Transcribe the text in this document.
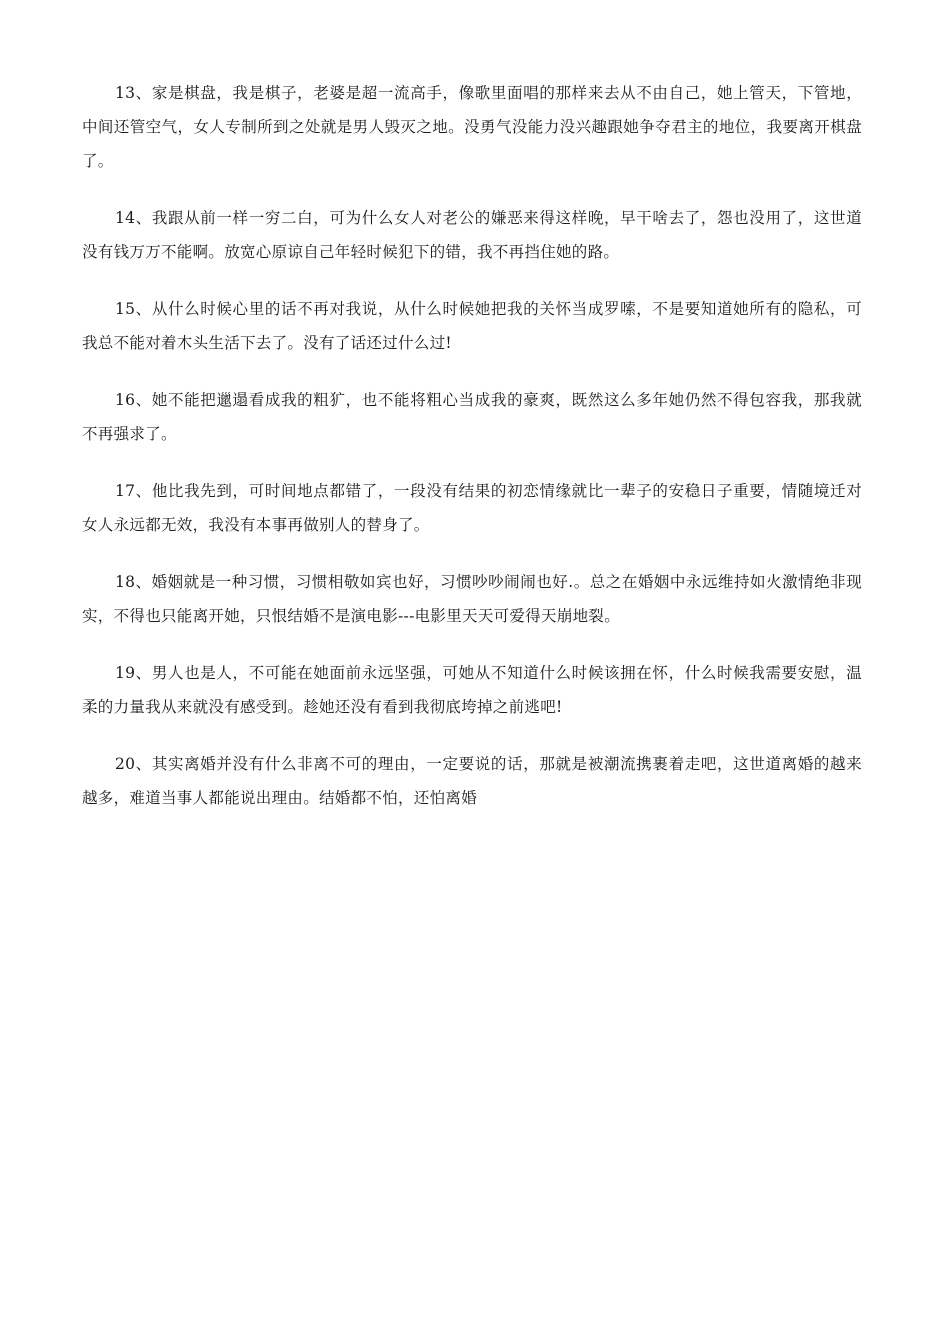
13、家是棋盘，我是棋子，老婆是超一流高手，像歌里面唱的那样来去从不由自己，她上管天，下管地，中间还管空气，女人专制所到之处就是男人毁灭之地。没勇气没能力没兴趣跟她争夺君主的地位，我要离开棋盘了。

14、我跟从前一样一穷二白，可为什么女人对老公的嫌恶来得这样晚，早干啥去了，怨也没用了，这世道没有钱万万不能啊。放宽心原谅自己年轻时候犯下的错，我不再挡住她的路。

15、从什么时候心里的话不再对我说，从什么时候她把我的关怀当成罗嗦，不是要知道她所有的隐私，可我总不能对着木头生活下去了。没有了话还过什么过!

16、她不能把邋遢看成我的粗犷，也不能将粗心当成我的豪爽，既然这么多年她仍然不得包容我，那我就不再强求了。

17、他比我先到，可时间地点都错了，一段没有结果的初恋情缘就比一辈子的安稳日子重要，情随境迁对女人永远都无效，我没有本事再做别人的替身了。

18、婚姻就是一种习惯，习惯相敬如宾也好，习惯吵吵闹闹也好.。总之在婚姻中永远维持如火激情绝非现实，不得也只能离开她，只恨结婚不是演电影---电影里天天可爱得天崩地裂。

19、男人也是人，不可能在她面前永远坚强，可她从不知道什么时候该拥在怀，什么时候我需要安慰，温柔的力量我从来就没有感受到。趁她还没有看到我彻底垮掉之前逃吧!

20、其实离婚并没有什么非离不可的理由，一定要说的话，那就是被潮流携裹着走吧，这世道离婚的越来越多，难道当事人都能说出理由。结婚都不怕，还怕离婚
